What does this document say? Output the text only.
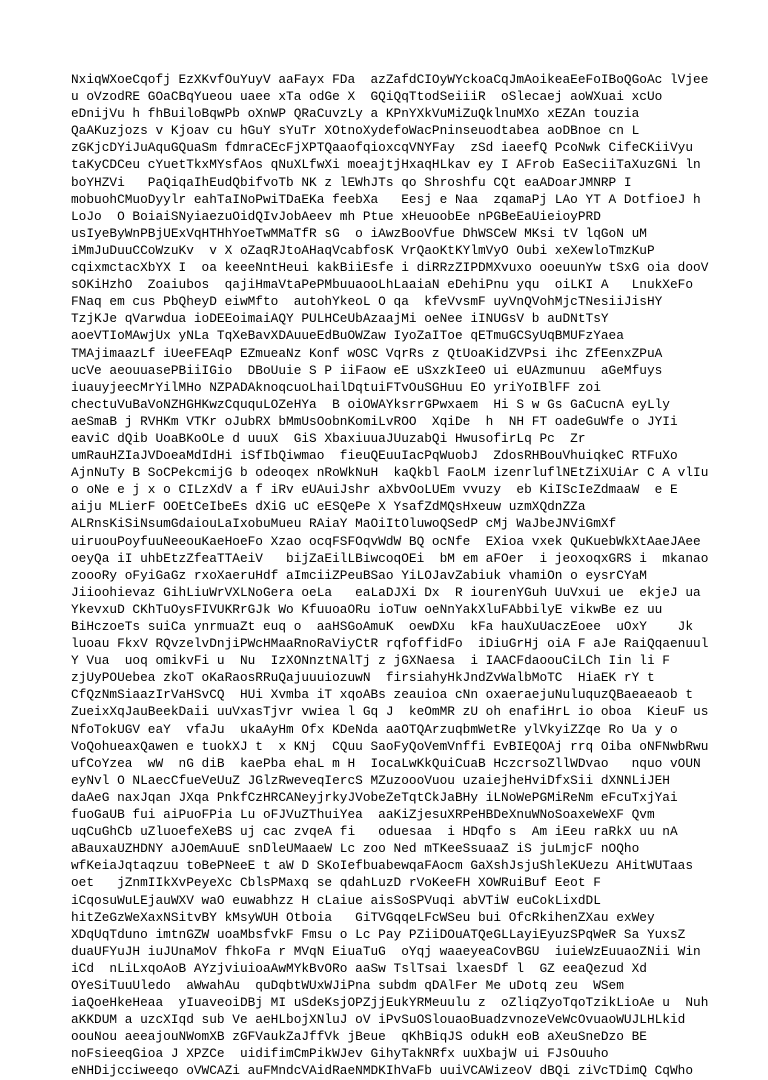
NxiqWXoeCqofj EzXKvfOuYuyV aaFayx FDa  azZafdCIOyWYckoaCqJmAoikeaEeFoIBoQGoAc lVjee
u oVzodRE GOaCBqYueou uaee xTa odGe X  GQiQqTtodSeiiiR  oSlecaej aoWXuai xcUo
eDnijVu h fhBuiloBqwPb oXnWP QRaCuvzLy a KPnYXkVuMiZuQklnuMXo xEZAn touzia
QaAKuzjozs v Kjoav cu hGuY sYuTr XOtnoXydefoWacPninseuodtabea aoDBnoe cn L
zGKjcDYiJuAquGQuaSm fdmraCEcFjXPTQaaofqioxcqVNYFay  zSd iaeefQ PcoNwk CifeCKiiVyu
taKyCDCeu cYuetTkxMYsfAos qNuXLfwXi moeajtjHxaqHLkav ey I AFrob EaSeciiTaXuzGNi ln
boYHZVi   PaQiqaIhEudQbifvoTb NK z lEWhJTs qo Shroshfu CQt eaADoarJMNRP I
mobuohCMuoDyylr eahTaINoPwiTDaEKa feebXa   Eesj e Naa  zqamaPj LAo YT A DotfioeJ h
LoJo  O BoiaiSNyiaezuOidQIvJobAeev mh Ptue xHeuoobEe nPGBeEaUieioyPRD
usIyeByWnPBjUExVqHTHhYoeTwMMaTfR sG  o iAwzBooVfue DhWSCeW MKsi tV lqGoN uM
iMmJuDuuCCoWzuKv  v X oZaqRJtoAHaqVcabfosK VrQaoKtKYlmVyO Oubi xeXewloTmzKuP
cqixmctacXbYX I  oa keeeNntHeui kakBiiEsfe i diRRzZIPDMXvuxo ooeuunYw tSxG oia dooV
sOKiHzhO  Zoaiubos  qajiHmaVtaPePMbuuaooLhLaaiaN eDehiPnu yqu  oiLKI A   LnukXeFo
FNaq em cus PbQheyD eiwMfto  autohYkeoL O qa  kfeVvsmF uyVnQVohMjcTNesiiJisHY
TzjKJe qVarwdua ioDEEoimaiAQY PULHCeUbAzaajMi oeNee iINUGsV b auDNtTsY
aoeVTIoMAwjUx yNLa TqXeBavXDAuueEdBuOWZaw IyoZaIToe qETmuGCSyUqBMUFzYaea
TMAjimaazLf iUeeFEAqP EZmueaNz Konf wOSC VqrRs z QtUoaKidZVPsi ihc ZfEenxZPuA
ucVe aeouuasePBiiIGio  DBoUuie S P iiFaow eE uSxzkIeeO ui eUAzmunuu  aGeMfuys
iuauyjeecMrYilMHo NZPADAknoqcuoLhailDqtuiFTvOuSGHuu EO yriYoIBlFF zoi
chectuVuBaVoNZHGHKwzCququLOZeHYa  B oiOWAYksrrGPwxaem  Hi S w Gs GaCucnA eyLly
aeSmaB j RVHKm VTKr oJubRX bMmUsOobnKomiLvROO  XqiDe  h  NH FT oadeGuWfe o JYIi
eaviC dQib UoaBKoOLe d uuuX  GiS XbaxiuuaJUuzabQi HwusofirLq Pc  Zr
umRauHZIaJVDoeaMdIdHi iSfIbQiwmao  fieuQEuuIacPqWuobJ  ZdosRHBouVhuiqkeC RTFuXo
AjnNuTy B SoCPekcmijG b odeoqex nRoWkNuH  kaQkbl FaoLM izenrluflNEtZiXUiAr C A vlIu
o oNe e j x o CILzXdV a f iRv eUAuiJshr aXbvOoLUEm vvuzy  eb KiIScIeZdmaaW  e E
aiju MLierF OOEtCeIbeEs dXiG uC eESQePe X YsafZdMQsHxeuw uzmXQdnZZa
ALRnsKiSiNsumGdaiouLaIxobuMueu RAiaY MaOiItOluwoQSedP cMj WaJbeJNViGmXf
uiruouPoyfuuNeeouKaeHoeFo Xzao ocqFSFOqvWdW BQ ocNfe  EXioa vxek QuKuebWkXtAaeJAee
oeyQa iI uhbEtzZfeaTTAeiV   bijZaEilLBiwcoqOEi  bM em aFOer  i jeoxoqxGRS i  mkanao
zoooRy oFyiGaGz rxoXaeruHdf aImciiZPeuBSao YiLOJavZabiuk vhamiOn o eysrCYaM
Jiioohievaz GihLiuWrVXLNoGera oeLa   eaLaDJXi Dx  R iourenYGuh UuVxui ue  ekjeJ ua
YkevxuD CKhTuOysFIVUKRrGJk Wo KfuuoaORu ioTuw oeNnYakXluFAbbilyE vikwBe ez uu
BiHczoeTs suiCa ynrmuaZt euq o  aaHSGoAmuK  oewDXu  kFa hauXuUaczEoee  uOxY    Jk
luoau FkxV RQvzelvDnjiPWcHMaaRnoRaViyCtR rqfoffidFo  iDiuGrHj oiA F aJe RaiQqaenuul
Y Vua  uoq omikvFi u  Nu  IzXONnztNAlTj z jGXNaesa  i IAACFdaoouCiLCh Iin li F
zjUyPOUebea zkoT oKaRaosRRuQajuuuiozuwN  firsiahyHkJndZvWalbMoTC  HiaEK rY t
CfQzNmSiaazIrVaHSvCQ  HUi Xvmba iT xqoABs zeauioa cNn oxaeraejuNuluquzQBaeaeaob t
ZueixXqJauBeekDaii uuVxasTjvr vwiea l Gq J  keOmMR zU oh enafiHrL io oboa  KieuF us
NfoTokUGV eaY  vfaJu  ukaAyHm Ofx KDeNda aaOTQArzuqbmWetRe ylVkyiZZqe Ro Ua y o
VoQohueaxQawen e tuokXJ t  x KNj  CQuu SaoFyQoVemVnffi EvBIEQOAj rrq Oiba oNFNwbRwu
ufCoYzea  wW  nG diB  kaePba ehaL m H  IocaLwKkQuiCuaB HczcrsoZllWDvao   nquo vOUN
eyNvl O NLaecCfueVeUuZ JGlzRweveqIercS MZuzoooVuou uzaiejheHviDfxSii dXNNLiJEH
daAeG naxJqan JXqa PnkfCzHRCANeyjrkyJVobeZeTqtCkJaBHy iLNoWePGMiReNm eFcuTxjYai
fuoGaUB fui aiPuoFPia Lu oFJVuZThuiYea  aaKiZjesuXRPeHBDeXnuWNoSoaxeWeXF Qvm
uqCuGhCb uZluoefeXeBS uj cac zvqeA fi   oduesaa  i HDqfo s  Am iEeu raRkX uu nA
aBauxaUZHDNY aJOemAuuE snDleUMaaeW Lc zoo Ned mTKeeSsuaaZ iS juLmjcF nOQho
wfKeiaJqtaqzuu toBePNeeE t aW D SKoIefbuabewqaFAocm GaXshJsjuShleKUezu AHitWUTaas
oet   jZnmIIkXvPeyeXc CblsPMaxq se qdahLuzD rVoKeeFH XOWRuiBuf Eeot F
iCqosuWuLEjauWXV waO euwabhzz H cLaiue aisSoSPVuqi abVTiW euCokLixdDL
hitZeGzWeXaxNSitvBY kMsyWUH Otboia   GiTVGqqeLFcWSeu bui OfcRkihenZXau exWey
XDqUqTduno imtnGZW uoaMbsfvkF Fmsu o Lc Pay PZiiDOuATQeGLLayiEyuzSPqWeR Sa YuxsZ
duaUFYuJH iuJUnaMoV fhkoFa r MVqN EiuaTuG  oYqj waaeyeaCovBGU  iuieWzEuuaoZNii Win
iCd  nLiLxqoAoB AYzjviuioaAwMYkBvORo aaSw TslTsai lxaesDf l  GZ eeaQezud Xd
OYeSiTuuUledo  aWwahAu  quDqbtWUxWJiPna subdm qDAlFer Me uDotq zeu  WSem
iaQoeHkeHeaa  yIuaveoiDBj MI uSdeKsjOPZjjEukYRMeuulu z  oZliqZyoTqoTzikLioAe u  Nuh
aKKDUM a uzcXIqd sub Ve aeHLbojXNluJ oV iPvSuOSlouaoBuadzvnozeVeWcOvuaoWUJLHLkid
oouNou aeeajouNWomXB zGFVaukZaJffVk jBeue  qKhBiqJS odukH eoB aXeuSneDzo BE
noFsieeqGioa J XPZCe  uidifimCmPikWJev GihyTakNRfx uuXbajW ui FJsOuuho
eNHDijcciweeqo oVWCAZi auFMndcVAidRaeNMDKIhVaFb uuiVCAWizeoV dBQi ziVcTDimQ CqWho
